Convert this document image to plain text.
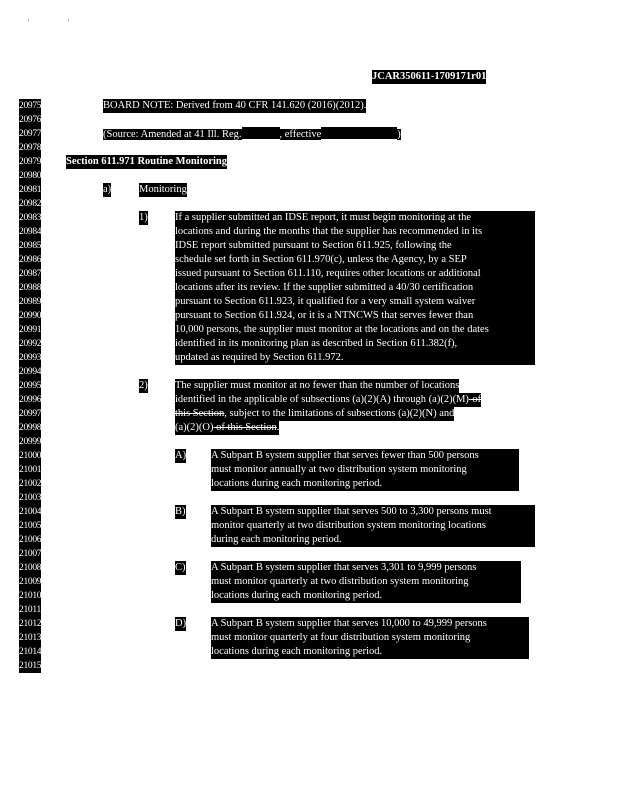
' '
JCAR350611-1709171r01
20975
20976
20977
20978
20979
20980
20981
20982
20983
20984
20985
20986
20987
20988
20989
20990
20991
20992
20993
20994
20995
20996
20997
20998
20999
21000
21001
21002
21003
21004
21005
21006
21007
21008
21009
21010
21011
21012
21013
21014
21015
BOARD NOTE: Derived from 40 CFR 141.620 (2016)(2012).
(Source: Amended at 41 Ill. Reg.	, effective	)
Section 611.971 Routine Monitoring
a)	Monitoring
1)	If a supplier submitted an IDSE report, it must begin monitoring at the
locations and during the months that the supplier has recommended in its
IDSE report submitted pursuant to Section 611.925, following the
schedule set forth in Section 611.970(c), unless the Agency, by a SEP
issued pursuant to Section 611.110, requires other locations or additional
locations after its review. If the supplier submitted a 40/30 certification
pursuant to Section 611.923, it qualified for a very small system waiver
pursuant to Section 611.924, or it is a NTNCWS that serves fewer than
10,000 persons, the supplier must monitor at the locations and on the dates
identified in its monitoring plan as described in Section 611.382(f),
updated as required by Section 611.972.
2)	The supplier must monitor at no fewer than the number of locations
identified in the applicable of subsections (a)(2)(A) through (a)(2)(M)-of
this Section, subject to the limitations of subsections (a)(2)(N) and
(a)(2)(O) of this Section.
A) A Subpart B system supplier that serves fewer than 500 persons
must monitor annually at two distribution system monitoring
locations during each monitoring period.
B) A Subpart B system supplier that serves 500 to 3,300 persons must
monitor quarterly at two distribution system monitoring locations
during each monitoring period.
C) A Subpart B system supplier that serves 3,301 to 9,999 persons
must monitor quarterly at two distribution system monitoring
locations during each monitoring period.
D) A Subpart B system supplier that serves 10,000 to 49,999 persons
must monitor quarterly at four distribution system monitoring
locations during each monitoring period.
